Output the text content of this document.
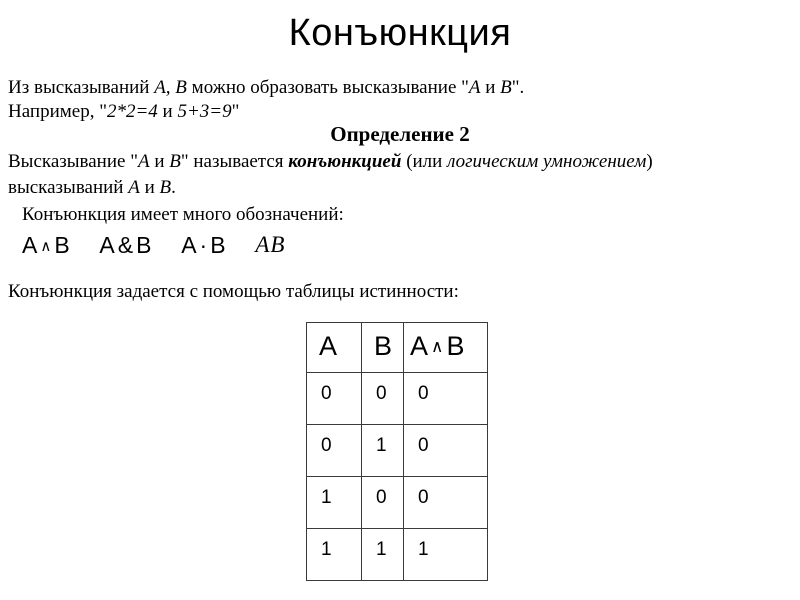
Конъюнкция
Из высказываний A, B можно образовать высказывание "A и B".
Например, "2*2=4 и 5+3=9"
Определение 2
Высказывание "A и B" называется конъюнкцией (или логическим умножением)
высказываний A и B.
Конъюнкция имеет много обозначений:
A ∧ B A & B A · B AB
Конъюнкция задается с помощью таблицы истинности:
A	B	A ∧ B
0	0	0
0	1	0
1	0	0
1	1	1
